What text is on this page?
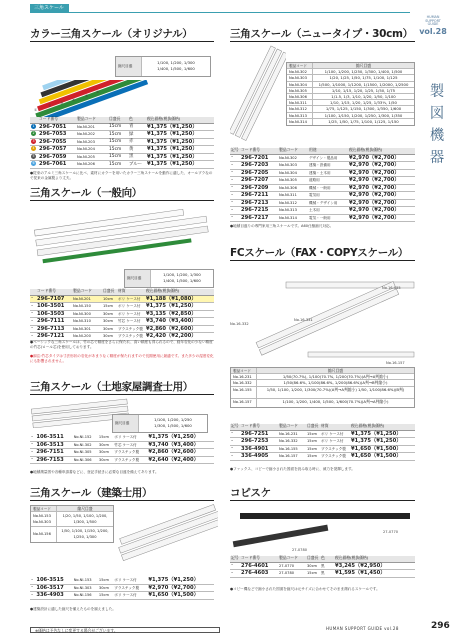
三角スケール
HUMAN
SUPPORT
GUIDE
vol.28
製
図
機
器
カラー三角スケール（オリジナル）
縮尺目盛
1/100, 1/200, 1/300
1/400, 1/500, 1/600
①
②
③
④
⑤
⑥
	コード番号	製品コード	目盛長	色	税込価格(税抜価格)
1	296-7051	No.NI-201	15cm	青	¥1,375（¥1,250）
2	296-7053	No.NI-202	15cm	緑	¥1,375（¥1,250）
3	296-7055	No.NI-203	15cm	赤	¥1,375（¥1,250）
4	296-7057	No.NI-204	15cm	黄	¥1,375（¥1,250）
5	296-7059	No.NI-205	15cm	黒	¥1,375（¥1,250）
6	296-7061	No.NI-206	15cm	ブルー	¥1,375（¥1,250）
●従来のアルミ三角スケールに比べ、素材にカラーを用いたカラー三角スケールを動作に適した、オールプラなので従来の金属製より丈夫。
三角スケール（一般向）
縮尺目盛
1/100, 1/200, 1/300
1/400, 1/500, 1/600
	コード番号	製品コード	目盛長	材質	税込価格(税抜価格)
–	296-7107	No.NI-201	10cm	ポリ ケース付	¥1,188（¥1,080）
–	106-3501	No.NI-150	15cm	ポリ ケース付	¥1,375（¥1,250）
–	106-3503	No.NI-300	30cm	ポリ ケース付	¥3,135（¥2,850）
–	296-7111	No.NI-310	30cm	竹芯 ケース付	¥3,740（¥3,400）
–	296-7113	No.NI-301	30cm	プラスチック製	¥2,860（¥2,600）
–	296-7121	No.NI-200	30cm	プラスチック製	¥2,420（¥2,200）
●ベーシックな三角スケールは、竹の芯で精度をさらに保たれ、高い精度も得られるので、経年変化の少ない精度の竹芯(ロール芯)を使用しております。
●副注:竹芯タイプは寸法形状の変化があまりなく精度が保たれますので長期使用に最適です。また多少の湿度変化にも影響されません。
三角スケール（土地家屋調査士用）
縮尺目盛
1/100, 1/200, 1/250
1/300, 1/500, 1/600
–	106-3511	No.NI-152	15cm	ポリ ケース付	¥1,375（¥1,250）
–	106-3513	No.NI-302	30cm	竹芯 ケース付	¥3,740（¥3,400）
–	296-7151	No.NI-305	30cm	プラスチック製	¥2,860（¥2,600）
–	296-7153	No.NI-306	30cm	プラスチック製	¥2,640（¥2,400）
●地積測量図や各種申請書などに、登記手続きに必要な目盛を備えてあります。
三角スケール（建築士用）
製品コード	縮尺目盛
No.NI-153 No.NI-303
1/20, 1/50, 1/100, 1/200, 1/300, 1/500
No.NI-156
1/50, 1/100, 1/150, 1/200, 1/250, 1/300
–	106-3515	No.NI-153	15cm	ポリ ケース付	¥1,375（¥1,250）
–	106-3517	No.NI-303	30cm	プラスチック製	¥2,970（¥2,700）
–	336-4903	No.NI-156	15cm	ポリ ケース付	¥1,650（¥1,500）
●建築設計に適した縮尺を備えたものを揃えました。
三角スケール（ニュータイプ・30cm）
製品コード	縮尺目盛
No.NI-302	1/100, 1/200, 1/250, 1/300, 1/400, 1/500
No.NI-303	1/20, 1/25, 1/50, 1/75, 1/100, 1/125
No.NI-304	1/500, 1/1000, 1/1200, 1/1500, 1/2000, 1/2500
No.NI-305	1/10, 1/15, 1/20, 1/25, 1/50, 1/75
No.NI-306	1/1.5, 1/3, 1/10, 1/20, 1/50, 1/100
No.NI-311	1/10, 1/15, 1/20, 1/25, 1/33⅓, 1/50
No.NI-312	1/75, 1/125, 1/150, 1/300, 1/350, 1/600
No.NI-313	1/100, 1/150, 1/200, 1/250, 1/300, 1/350
No.NI-314	1/25, 1/50, 1/75, 1/100, 1/125, 1/150
記号	コード番号	製品コード	用途	税込価格(税抜価格)
–	296-7201	No.NI-302	デザイン・製品用	¥2,970（¥2,700）
–	296-7203	No.NI-303	建築・設備用	¥2,970（¥2,700）
–	296-7205	No.NI-304	建築・土木用	¥2,970（¥2,700）
–	296-7207	No.NI-305	道路用	¥2,970（¥2,700）
–	296-7209	No.NI-306	機械・一般用	¥2,970（¥2,700）
–	296-7211	No.NI-311	電気用	¥2,970（¥2,700）
–	296-7213	No.NI-312	機械・デザイン用	¥2,970（¥2,700）
–	296-7215	No.NI-313	土木用	¥2,970（¥2,700）
–	296-7217	No.NI-314	電気・一般用	¥2,970（¥2,700）
●地積目盛りの専門家用三角スケールです。A60仕様縮尺対応。
FCスケール（FAX・COPYスケール）
No.16-155
No.16-332
No.16-331
No.16-157
製品コード	縮尺目盛
No.16-231	1/50(70.7%), 1/100(70.7%, 1/200(70.7%)(A判→A判縮小)
No.16-332	1/50(86.6%, 1/100(86.6%, 1/200(86.6%)(A判→B判縮小)
No.16-155	1/50, 1/100, 1/200, 1/300(70.7%)(A判→A判縮小) 1/50, 1/100(86.6%)(B判)
No.16-157	1/100, 1/200, 1/400, 1/500, 1/600(70.7%)(A判→A判縮小)
記号	コード番号	製品コード	目盛長	材質	税込価格(税抜価格)
–	296-7251	No.16-231	15cm	ポリ ケース付	¥1,375（¥1,250）
–	296-7253	No.16-332	15cm	ポリ ケース付	¥1,375（¥1,250）
–	336-4901	No.16-155	15cm	プラスチック製	¥1,650（¥1,500）
–	336-4905	No.16-157	15cm	プラスチック製	¥1,650（¥1,500）
●ファックス、コピーで縮小された図面を読み取る時に、威力を発揮します。
コピスケ
27-0780
27-0770
記号	コード番号	製品コード	目盛長	色	税込価格(税抜価格)
–	276-4601	27-0770	30cm	黒	¥3,245（¥2,950）
–	276-4603	27-0780	15cm	黒	¥1,595（¥1,450）
●コピー機などで縮小された図面を縮尺は元サイズに合わせてそのまま測れるスケールです。
※価格は予告なしに変更する場合がございます。	HUMAN SUPPORT GUIDE vol.28	296
